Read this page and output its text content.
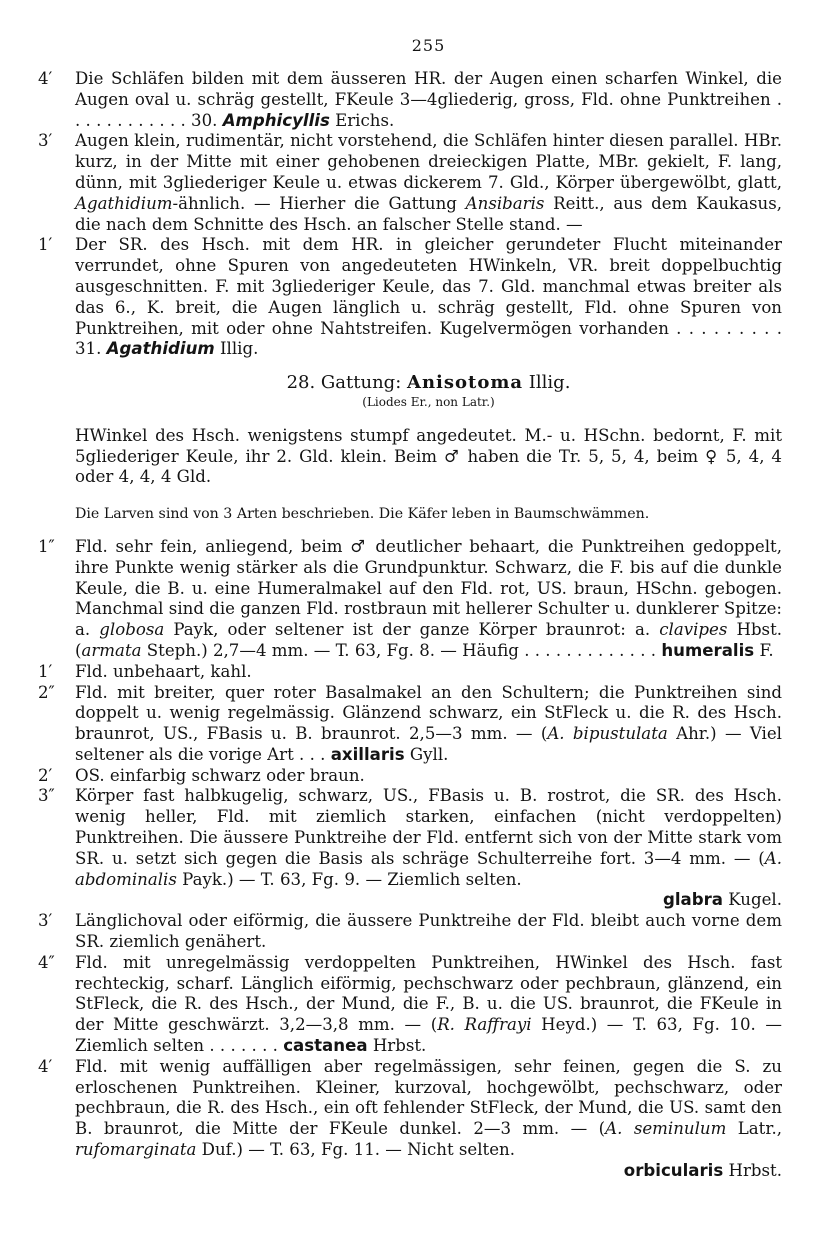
255

4′	Die Schläfen bilden mit dem äusseren HR. der Augen einen scharfen Winkel, die Augen oval u. schräg gestellt, FKeule 3—4gliederig, gross, Fld. ohne Punktreihen . . . . . . . . . . . . 30. Amphicyllis Erichs.

3′	Augen klein, rudimentär, nicht vorstehend, die Schläfen hinter diesen parallel. HBr. kurz, in der Mitte mit einer gehobenen dreieckigen Platte, MBr. gekielt, F. lang, dünn, mit 3gliederiger Keule u. etwas dickerem 7. Gld., Körper übergewölbt, glatt, Agathidium-ähnlich. — Hierher die Gattung Ansibaris Reitt., aus dem Kaukasus, die nach dem Schnitte des Hsch. an falscher Stelle stand. —

1′	Der SR. des Hsch. mit dem HR. in gleicher gerundeter Flucht miteinander verrundet, ohne Spuren von angedeuteten HWinkeln, VR. breit doppelbuchtig ausgeschnitten. F. mit 3gliederiger Keule, das 7. Gld. manchmal etwas breiter als das 6., K. breit, die Augen länglich u. schräg gestellt, Fld. ohne Spuren von Punktreihen, mit oder ohne Nahtstreifen. Kugelvermögen vorhanden . . . . . . . . . 31. Agathidium Illig.

28. Gattung: Anisotoma Illig.
(Liodes Er., non Latr.)

HWinkel des Hsch. wenigstens stumpf angedeutet. M.- u. HSchn. bedornt, F. mit 5gliederiger Keule, ihr 2. Gld. klein. Beim ♂ haben die Tr. 5, 5, 4, beim ♀ 5, 4, 4 oder 4, 4, 4 Gld.

Die Larven sind von 3 Arten beschrieben. Die Käfer leben in Baumschwämmen.

1″	Fld. sehr fein, anliegend, beim ♂ deutlicher behaart, die Punktreihen gedoppelt, ihre Punkte wenig stärker als die Grundpunktur. Schwarz, die F. bis auf die dunkle Keule, die B. u. eine Humeralmakel auf den Fld. rot, US. braun, HSchn. gebogen. Manchmal sind die ganzen Fld. rostbraun mit hellerer Schulter u. dunklerer Spitze: a. globosa Payk, oder seltener ist der ganze Körper braunrot: a. clavipes Hbst. (armata Steph.) 2,7—4 mm. — T. 63, Fg. 8. — Häufig . . . . . . . . . . . . . humeralis F.

1′	Fld. unbehaart, kahl.

2″	Fld. mit breiter, quer roter Basalmakel an den Schultern; die Punktreihen sind doppelt u. wenig regelmässig. Glänzend schwarz, ein StFleck u. die R. des Hsch. braunrot, US., FBasis u. B. braunrot. 2,5—3 mm. — (A. bipustulata Ahr.) — Viel seltener als die vorige Art . . . axillaris Gyll.

2′	OS. einfarbig schwarz oder braun.

3″	Körper fast halbkugelig, schwarz, US., FBasis u. B. rostrot, die SR. des Hsch. wenig heller, Fld. mit ziemlich starken, einfachen (nicht verdoppelten) Punktreihen. Die äussere Punktreihe der Fld. entfernt sich von der Mitte stark vom SR. u. setzt sich gegen die Basis als schräge Schulterreihe fort. 3—4 mm. — (A. abdominalis Payk.) — T. 63, Fg. 9. — Ziemlich selten.

glabra Kugel.

3′	Länglichoval oder eiförmig, die äussere Punktreihe der Fld. bleibt auch vorne dem SR. ziemlich genähert.

4″	Fld. mit unregelmässig verdoppelten Punktreihen, HWinkel des Hsch. fast rechteckig, scharf. Länglich eiförmig, pechschwarz oder pechbraun, glänzend, ein StFleck, die R. des Hsch., der Mund, die F., B. u. die US. braunrot, die FKeule in der Mitte geschwärzt. 3,2—3,8 mm. — (R. Raffrayi Heyd.) — T. 63, Fg. 10. — Ziemlich selten . . . . . . . castanea Hrbst.

4′	Fld. mit wenig auffälligen aber regelmässigen, sehr feinen, gegen die S. zu erloschenen Punktreihen. Kleiner, kurzoval, hochgewölbt, pechschwarz, oder pechbraun, die R. des Hsch., ein oft fehlender StFleck, der Mund, die US. samt den B. braunrot, die Mitte der FKeule dunkel. 2—3 mm. — (A. seminulum Latr., rufomarginata Duf.) — T. 63, Fg. 11. — Nicht selten.

orbicularis Hrbst.
